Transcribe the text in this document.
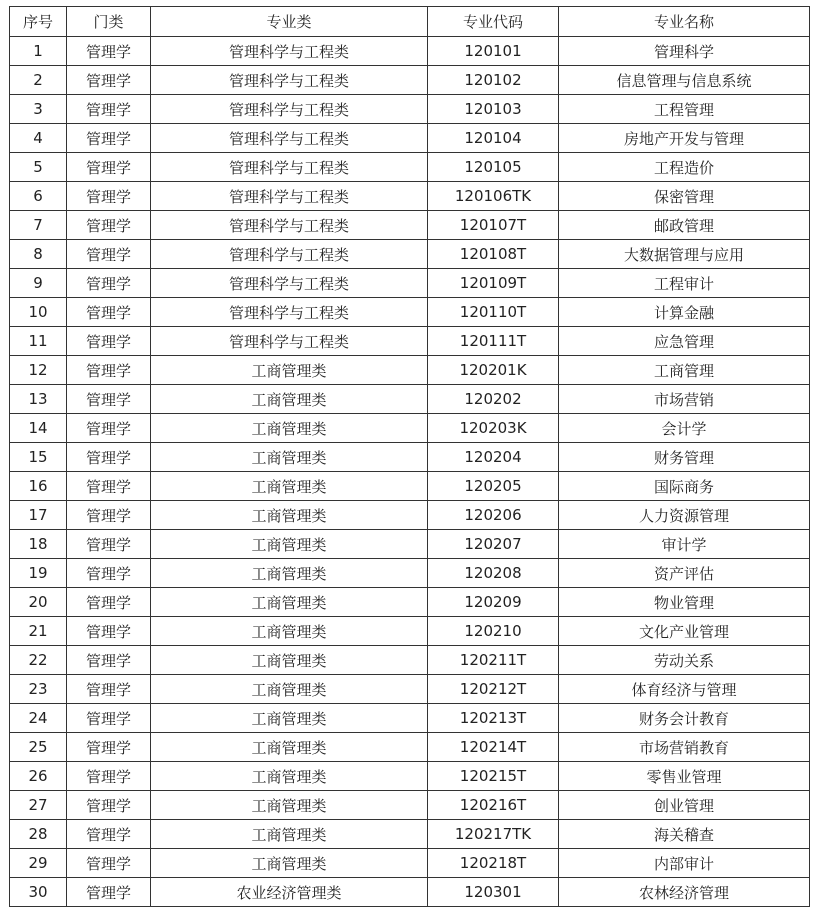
序号	门类	专业类	专业代码	专业名称
1	管理学	管理科学与工程类	120101	管理科学
2	管理学	管理科学与工程类	120102	信息管理与信息系统
3	管理学	管理科学与工程类	120103	工程管理
4	管理学	管理科学与工程类	120104	房地产开发与管理
5	管理学	管理科学与工程类	120105	工程造价
6	管理学	管理科学与工程类	120106TK	保密管理
7	管理学	管理科学与工程类	120107T	邮政管理
8	管理学	管理科学与工程类	120108T	大数据管理与应用
9	管理学	管理科学与工程类	120109T	工程审计
10	管理学	管理科学与工程类	120110T	计算金融
11	管理学	管理科学与工程类	120111T	应急管理
12	管理学	工商管理类	120201K	工商管理
13	管理学	工商管理类	120202	市场营销
14	管理学	工商管理类	120203K	会计学
15	管理学	工商管理类	120204	财务管理
16	管理学	工商管理类	120205	国际商务
17	管理学	工商管理类	120206	人力资源管理
18	管理学	工商管理类	120207	审计学
19	管理学	工商管理类	120208	资产评估
20	管理学	工商管理类	120209	物业管理
21	管理学	工商管理类	120210	文化产业管理
22	管理学	工商管理类	120211T	劳动关系
23	管理学	工商管理类	120212T	体育经济与管理
24	管理学	工商管理类	120213T	财务会计教育
25	管理学	工商管理类	120214T	市场营销教育
26	管理学	工商管理类	120215T	零售业管理
27	管理学	工商管理类	120216T	创业管理
28	管理学	工商管理类	120217TK	海关稽查
29	管理学	工商管理类	120218T	内部审计
30	管理学	农业经济管理类	120301	农林经济管理
